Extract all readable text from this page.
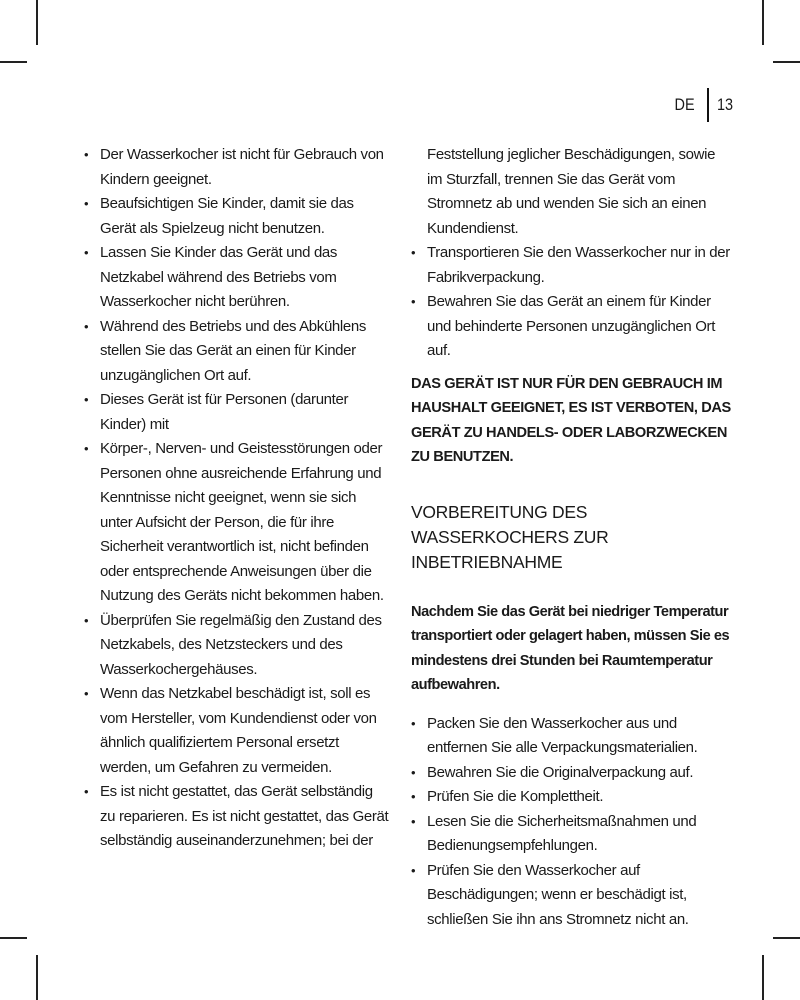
DE 13
• Der Wasserkocher ist nicht für Gebrauch von Kindern geeignet.
• Beaufsichtigen Sie Kinder, damit sie das Gerät als Spielzeug nicht benutzen.
• Lassen Sie Kinder das Gerät und das Netzkabel während des Betriebs vom Wasserkocher nicht berühren.
• Während des Betriebs und des Abkühlens stellen Sie das Gerät an einen für Kinder unzugänglichen Ort auf.
• Dieses Gerät ist für Personen (darunter Kinder) mit
• Körper-, Nerven- und Geistesstörungen oder Personen ohne ausreichende Erfahrung und Kenntnisse nicht geeignet, wenn sie sich unter Aufsicht der Person, die für ihre Sicherheit verantwortlich ist, nicht befinden oder entsprechende Anweisungen über die Nutzung des Geräts nicht bekommen haben.
• Überprüfen Sie regelmäßig den Zustand des Netzkabels, des Netzsteckers und des Wasserkochergehäuses.
• Wenn das Netzkabel beschädigt ist, soll es vom Hersteller, vom Kundendienst oder von ähnlich qualifiziertem Personal ersetzt werden, um Gefahren zu vermeiden.
• Es ist nicht gestattet, das Gerät selbständig zu reparieren. Es ist nicht gestattet, das Gerät selbständig auseinanderzunehmen; bei der
Feststellung jeglicher Beschädigungen, sowie im Sturzfall, trennen Sie das Gerät vom Stromnetz ab und wenden Sie sich an einen Kundendienst.
• Transportieren Sie den Wasserkocher nur in der Fabrikverpackung.
• Bewahren Sie das Gerät an einem für Kinder und behinderte Personen unzugänglichen Ort auf.
DAS GERÄT IST NUR FÜR DEN GEBRAUCH IM HAUSHALT GEEIGNET, ES IST VERBOTEN, DAS GERÄT ZU HANDELS- ODER LABORZWECKEN ZU BENUTZEN.
VORBEREITUNG DES WASSERKOCHERS ZUR INBETRIEBNAHME
Nachdem Sie das Gerät bei niedriger Temperatur transportiert oder gelagert haben, müssen Sie es mindestens drei Stunden bei Raumtemperatur aufbewahren.
• Packen Sie den Wasserkocher aus und entfernen Sie alle Verpackungsmaterialien.
• Bewahren Sie die Originalverpackung auf.
• Prüfen Sie die Komplettheit.
• Lesen Sie die Sicherheitsmaßnahmen und Bedienungsempfehlungen.
• Prüfen Sie den Wasserkocher auf Beschädigungen; wenn er beschädigt ist, schließen Sie ihn ans Stromnetz nicht an.
